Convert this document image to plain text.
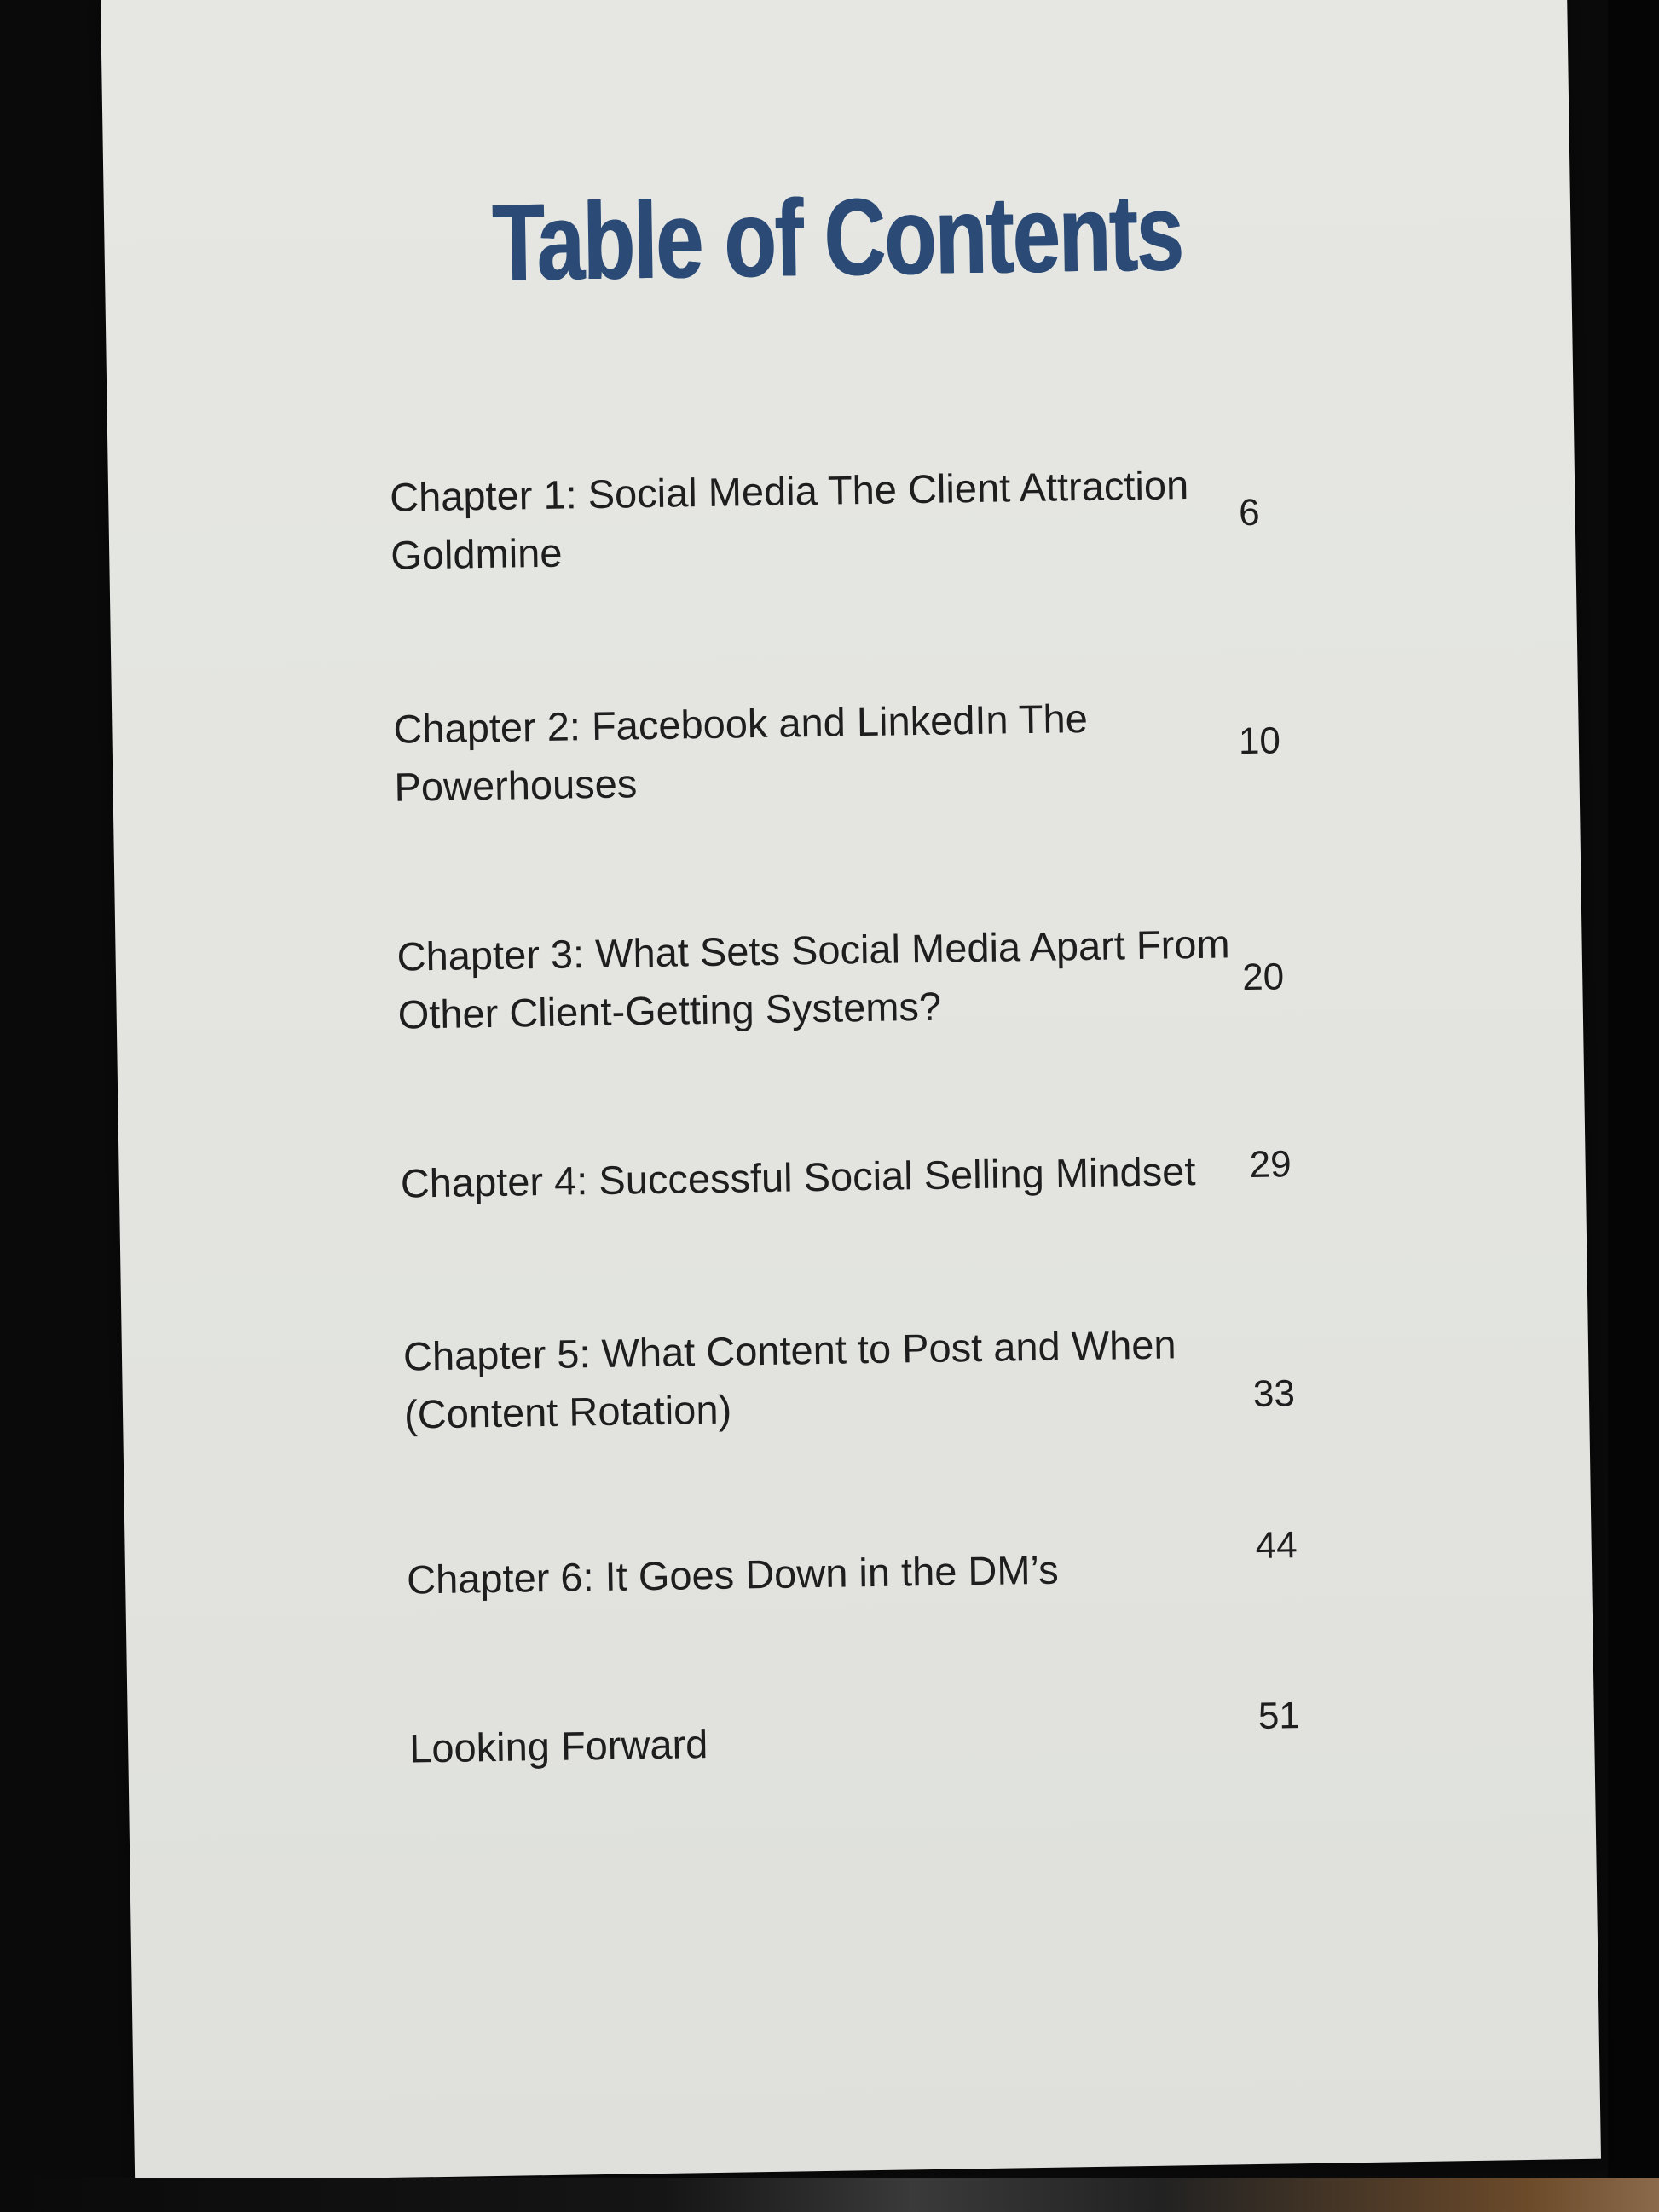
Table of Contents
Chapter 1: Social Media The Client Attraction
Goldmine
6
Chapter 2: Facebook and LinkedIn The
Powerhouses
10
Chapter 3: What Sets Social Media Apart From
Other Client-Getting Systems?
20
Chapter 4: Successful Social Selling Mindset	29
Chapter 5: What Content to Post and When
(Content Rotation)	33
Chapter 6: It Goes Down in the DM’s
44
Looking Forward
51
